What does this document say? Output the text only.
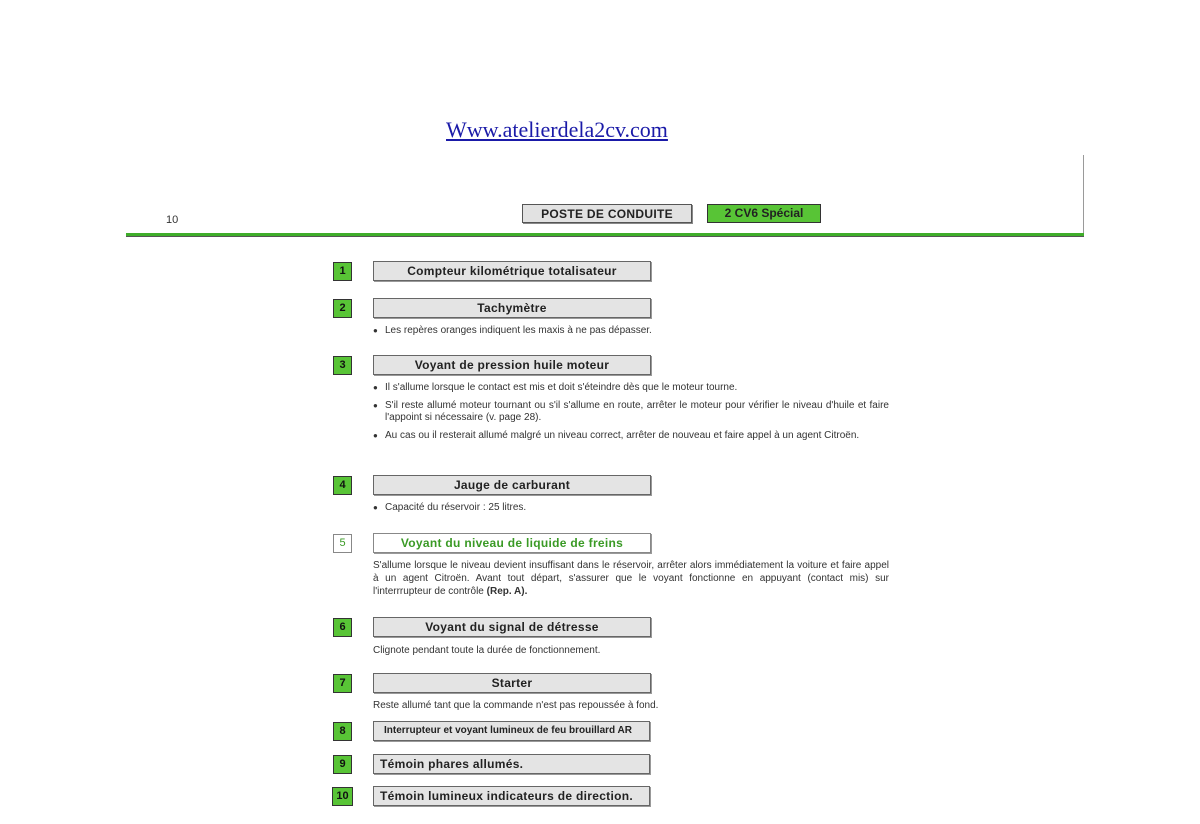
Www.atelierdela2cv.com
10	POSTE DE CONDUITE	2 CV6 Spécial
1	Compteur kilométrique totalisateur
2	Tachymètre
● Les repères oranges indiquent les maxis à ne pas dépasser.
3	Voyant de pression huile moteur
● Il s'allume lorsque le contact est mis et doit s'éteindre dès que le moteur tourne.
● S'il reste allumé moteur tournant ou s'il s'allume en route, arrêter le moteur pour vérifier le niveau d'huile et faire l'appoint si nécessaire (v. page 28).
● Au cas ou il resterait allumé malgré un niveau correct, arrêter de nouveau et faire appel à un agent Citroën.
4	Jauge de carburant
● Capacité du réservoir : 25 litres.
5	Voyant du niveau de liquide de freins

S'allume lorsque le niveau devient insuffisant dans le réservoir, arrêter alors immédiatement la voiture et faire appel à un agent Citroën. Avant tout départ, s'assurer que le voyant fonctionne en appuyant (contact mis) sur l'interrrupteur de contrôle (Rep. A).

6	Voyant du signal de détresse

Clignote pendant toute la durée de fonctionnement.

7	Starter

Reste allumé tant que la commande n'est pas repoussée à fond.

8	Interrupteur et voyant lumineux de feu brouillard AR
9	Témoin phares allumés.
10	Témoin lumineux indicateurs de direction.
